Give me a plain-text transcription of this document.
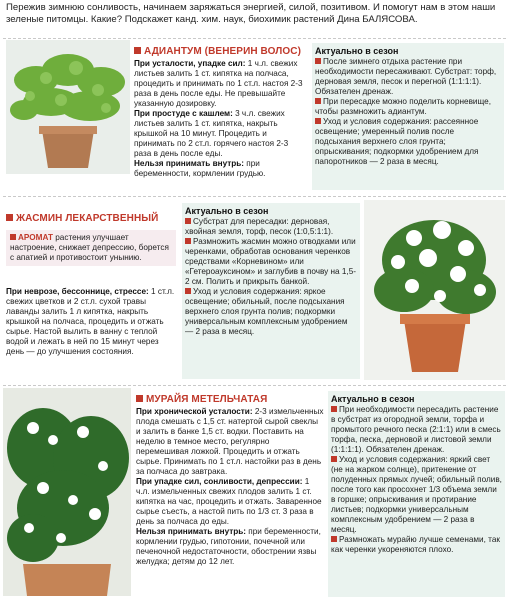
Пережив зимнюю сонливость, начинаем заряжаться энергией, силой, позитивом. И помогут нам в этом наши зеленые питомцы. Какие? Подскажет канд. хим. наук, биохимик растений Дина БАЛЯСОВА.
АДИАНТУМ (ВЕНЕРИН ВОЛОС)

При усталости, упадке сил: 1 ч.л. свежих листьев залить 1 ст. кипятка на полчаса, процедить и принимать по 1 ст.л. настоя 2-3 раза в день после еды. Не превышайте указанную дозировку.

При простуде с кашлем: 3 ч.л. свежих листьев залить 1 ст. кипятка, накрыть крышкой на 10 минут. Процедить и принимать по 2 ст.л. горячего настоя 2-3 раза в день после еды.

Нельзя принимать внутрь: при беременности, кормлении грудью.

Актуально в сезон
После зимнего отдыха растение при необходимости пересаживают. Субстрат: торф, дерновая земля, песок и перегной (1:1:1:1). Обязателен дренаж.
При пересадке можно поделить корневище, чтобы размножить адиантум.
Уход и условия содержания: рассеянное освещение; умеренный полив после подсыхания верхнего слоя грунта; опрыскивания; подкормки удобрением для папоротников — 2 раза в месяц.
ЖАСМИН ЛЕКАРСТВЕННЫЙ
АРОМАТ растения улучшает настроение, снижает депрессию, борется с апатией и противостоит унынию.

При неврозе, бессоннице, стрессе: 1 ст.л. свежих цветков и 2 ст.л. сухой травы лаванды залить 1 л кипятка, накрыть крышкой на полчаса, процедить и отжать сырье. Настой вылить в ванну с теплой водой и лежать в ней по 15 минут через день — до улучшения состояния.

Актуально в сезон
Субстрат для пересадки: дерновая, хвойная земля, торф, песок (1:0,5:1:1).
Размножить жасмин можно отводками или черенками, обработав основания черенков средствами «Корневином» или «Гетероауксином» и заглубив в почву на 1,5-2 см. Полить и прикрыть банкой.
Уход и условия содержания: яркое освещение; обильный, после подсыхания верхнего слоя грунта полив; подкормки универсальным комплексным удобрением — 2 раза в месяц.
МУРАЙЯ МЕТЕЛЬЧАТАЯ

При хронической усталости: 2-3 измельченных плода смешать с 1,5 ст. натертой сырой свеклы и залить в банке 1,5 ст. водки. Поставить на неделю в темное место, регулярно перемешивая ложкой. Процедить и отжать сырье. Принимать по 1 ст.л. настойки раз в день за полчаса до завтрака.

При упадке сил, сонливости, депрессии: 1 ч.л. измельченных свежих плодов залить 1 ст. кипятка на час, процедить и отжать. Заваренное сырье съесть, а настой пить по 1/3 ст. 3 раза в день за полчаса до еды.

Нельзя принимать внутрь: при беременности, кормлении грудью, гипотонии, почечной или печеночной недостаточности, обострении язвы желудка; детям до 12 лет.

Актуально в сезон
При необходимости пересадить растение в субстрат из огородной земли, торфа и промытого речного песка (2:1:1) или в смесь торфа, песка, дерновой и листовой земли (1:1:1:1). Обязателен дренаж.
Уход и условия содержания: яркий свет (не на жарком солнце), притенение от полуденных прямых лучей; обильный полив, после того как просохнет 1/3 объема земли в горшке; опрыскивания и протирание листьев; подкормки универсальным комплексным удобрением — 2 раза в месяц.
Размножать мурайю лучше семенами, так как черенки укореняются плохо.
